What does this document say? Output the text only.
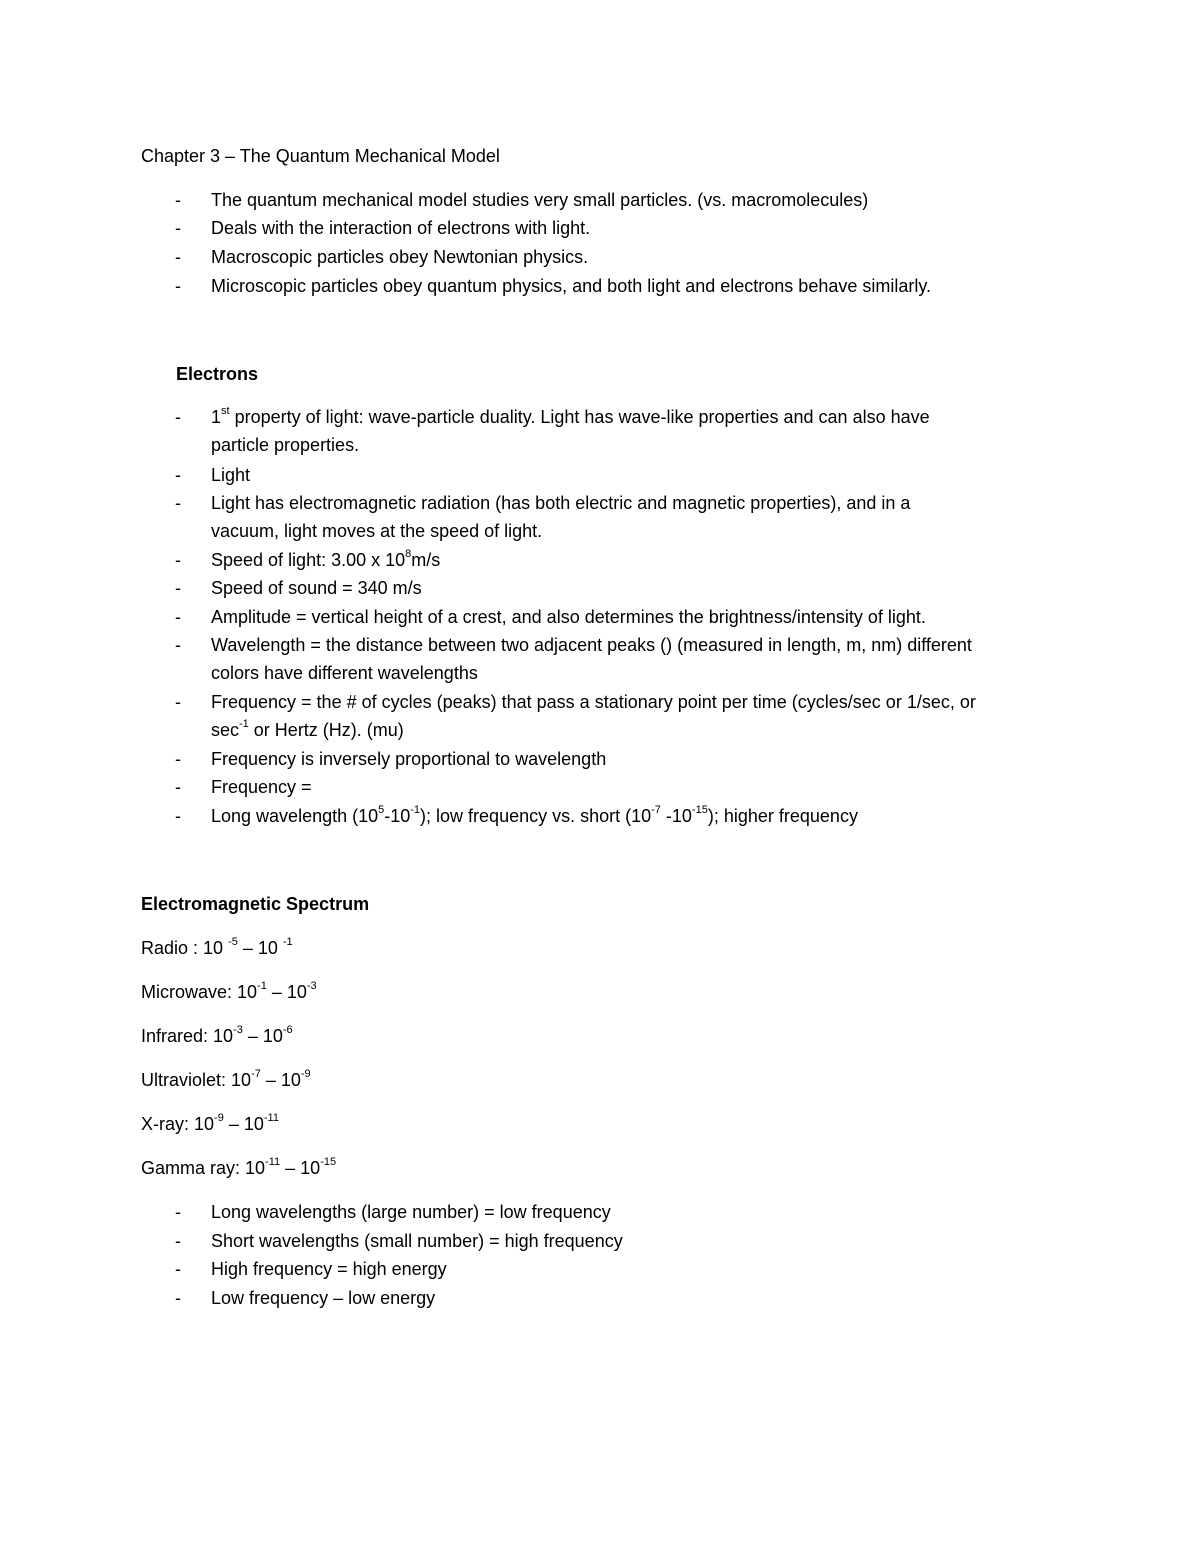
Chapter 3 – The Quantum Mechanical Model
- The quantum mechanical model studies very small particles. (vs. macromolecules)
- Deals with the interaction of electrons with light.
- Macroscopic particles obey Newtonian physics.
- Microscopic particles obey quantum physics, and both light and electrons behave similarly.
Electrons
- 1st property of light: wave-particle duality. Light has wave-like properties and can also have
particle properties.
- Light
- Light has electromagnetic radiation (has both electric and magnetic properties), and in a
vacuum, light moves at the speed of light.
- Speed of light: 3.00 x $10^8m/s$
- Speed of sound = 340 m/s
- Amplitude = vertical height of a crest, and also determines the brightness/intensity of light.
- Wavelength = the distance between two adjacent peaks () (measured in length, m, nm) different
colors have different wavelengths
- Frequency = the # of cycles (peaks) that pass a stationary point per time (cycles/sec or 1/sec, or
$\sec^{-1}$ or Hertz (Hz). (mu)
- Frequency is inversely proportional to wavelength
- Frequency =
- Long wavelength $(10^5-10^{-1})$; low frequency vs. short ($10^{-7}$ $-10^{-15}$); higher frequency
Electromagnetic Spectrum
Radio : 10 $^{-5}$ – 10 $^{-1}$
Microwave: $10^{-1} - 10^{-3}$
Infrared: $10^{-3} - 10^{-6}$
Ultraviolet: $10^{-7} - 10^{-9}$
X-ray: $10^{-9} - 10^{-11}$
Gamma ray: $10^{-11} - 10^{-15}$
- Long wavelengths (large number) = low frequency
- Short wavelengths (small number) = high frequency
- High frequency = high energy
- Low frequency – low energy
